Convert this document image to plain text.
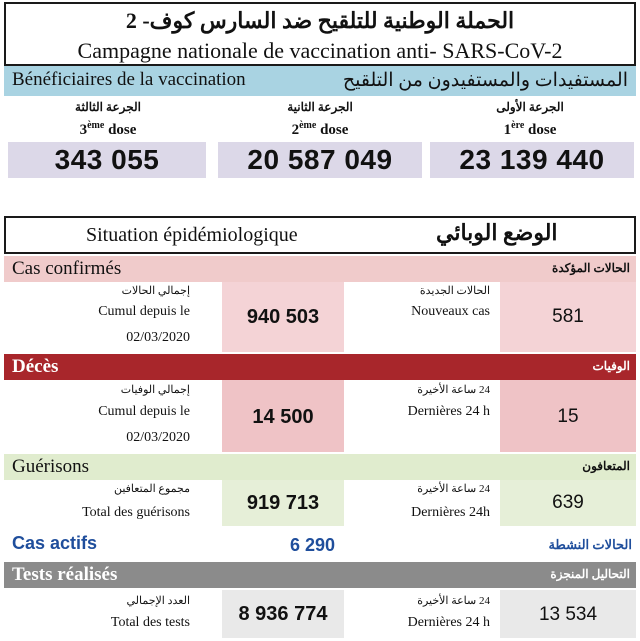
الحملة الوطنية للتلقيح ضد السارس كوف- 2
Campagne nationale de vaccination anti- SARS-CoV-2
Bénéficiaires de la vaccination	المستفيدات والمستفيدون من التلقيح
الجرعة الثالثة
3ème dose
343 055
الجرعة الثانية
2ème dose
20 587 049
الجرعة الأولى
1ère dose
23 139 440
Situation épidémiologique	الوضع الوبائي
Cas confirmés	الحالات المؤكدة
إجمالي الحالات
Cumul depuis le
02/03/2020
940 503
الحالات الجديدة
Nouveaux cas	581
Décès	الوفيات
إجمالي الوفيات
Cumul depuis le
02/03/2020
14 500
24 ساعة الأخيرة
Dernières 24 h	15
Guérisons	المتعافون
مجموع المتعافين
Total des guérisons	919 713
24 ساعة الأخيرة
Dernières 24h	639
Cas actifs	6 290	الحالات النشطة
Tests réalisés	التحاليل المنجزة
العدد الإجمالي
Total des tests	8 936 774
24 ساعة الأخيرة
Dernières 24 h	13 534
